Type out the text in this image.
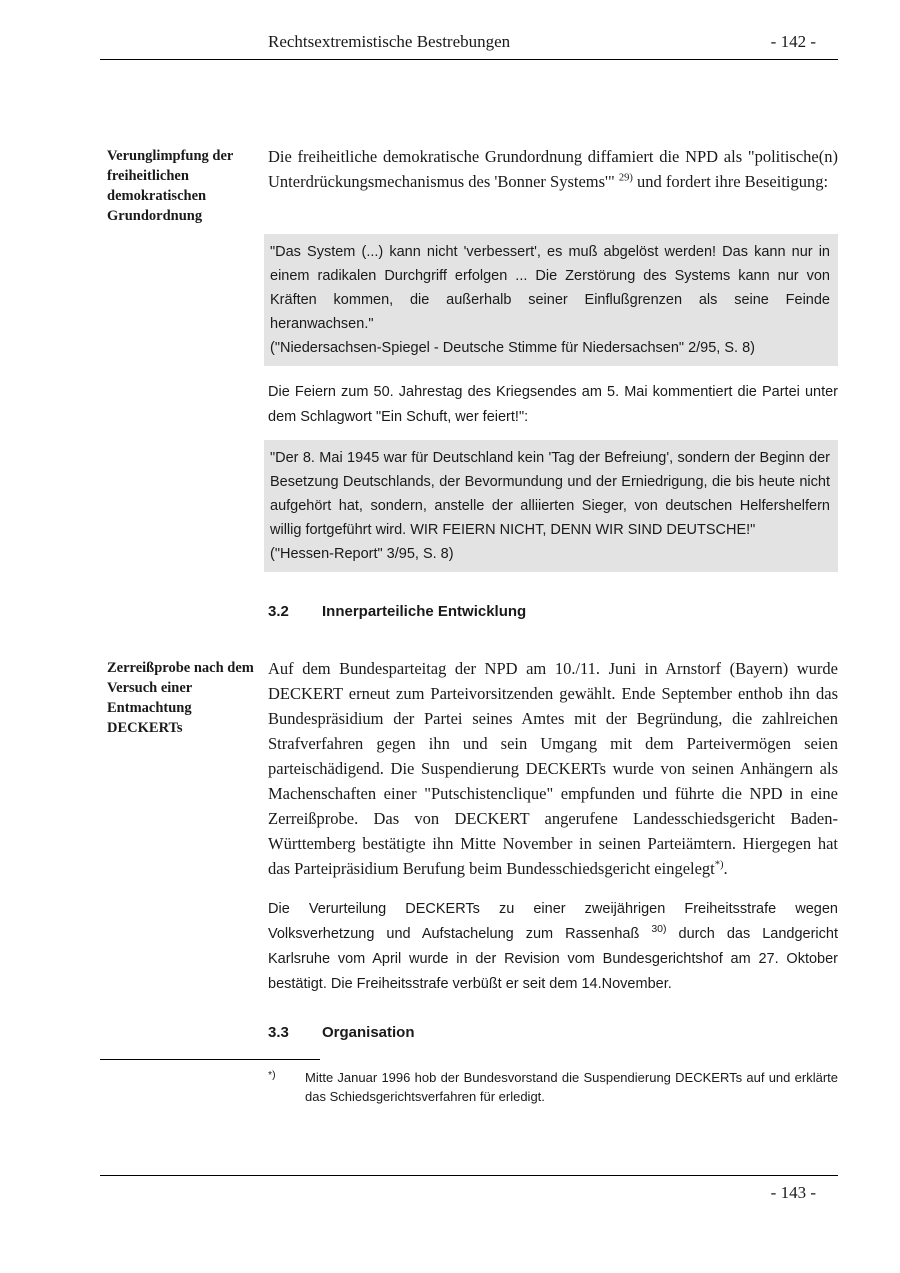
Rechtsextremistische Bestrebungen	- 142 -
Verunglimpfung der freiheitlichen demokratischen Grundordnung

Die freiheitliche demokratische Grundordnung diffamiert die NPD als "politische(n) Unterdrückungsmechanismus des 'Bonner Systems'" $^{29)}$ und fordert ihre Beseitigung:

"Das System (...) kann nicht 'verbessert', es muß abgelöst werden! Das kann nur in einem radikalen Durchgriff erfolgen ... Die Zerstörung des Systems kann nur von Kräften kommen, die außerhalb seiner Einflußgrenzen als seine Feinde heranwachsen."
("Niedersachsen-Spiegel - Deutsche Stimme für Niedersachsen" 2/95, S. 8)

Die Feiern zum 50. Jahrestag des Kriegsendes am 5. Mai kommentiert die Partei unter dem Schlagwort "Ein Schuft, wer feiert!":

"Der 8. Mai 1945 war für Deutschland kein 'Tag der Befreiung', sondern der Beginn der Besetzung Deutschlands, der Bevormundung und der Erniedrigung, die bis heute nicht aufgehört hat, sondern, anstelle der alliierten Sieger, von deutschen Helfershelfern willig fortgeführt wird. WIR FEIERN NICHT, DENN WIR SIND DEUTSCHE!"
("Hessen-Report" 3/95, S. 8)
3.2	Innerparteiliche Entwicklung
Zerreißprobe nach dem Versuch einer Entmachtung DECKERTs

Auf dem Bundesparteitag der NPD am 10./11. Juni in Arnstorf (Bayern) wurde DECKERT erneut zum Parteivorsitzenden gewählt. Ende September enthob ihn das Bundespräsidium der Partei seines Amtes mit der Begründung, die zahlreichen Strafverfahren gegen ihn und sein Umgang mit dem Parteivermögen seien parteischädigend. Die Suspendierung DECKERTs wurde von seinen Anhängern als Machenschaften einer "Putschistenclique" empfunden und führte die NPD in eine Zerreißprobe. Das von DECKERT angerufene Landesschiedsgericht Baden-Württemberg bestätigte ihn Mitte November in seinen Parteiämtern. Hiergegen hat das Parteipräsidium Berufung beim Bundesschiedsgericht eingelegt*).

Die Verurteilung DECKERTs zu einer zweijährigen Freiheitsstrafe wegen Volksverhetzung und Aufstachelung zum Rassenhaß $^{30)}$ durch das Landgericht Karlsruhe vom April wurde in der Revision vom Bundesgerichtshof am 27. Oktober bestätigt. Die Freiheitsstrafe verbüßt er seit dem 14.November.

3.3	Organisation
*)	Mitte Januar 1996 hob der Bundesvorstand die Suspendierung DECKERTs auf und erklärte das Schiedsgerichtsverfahren für erledigt.
- 143 -
